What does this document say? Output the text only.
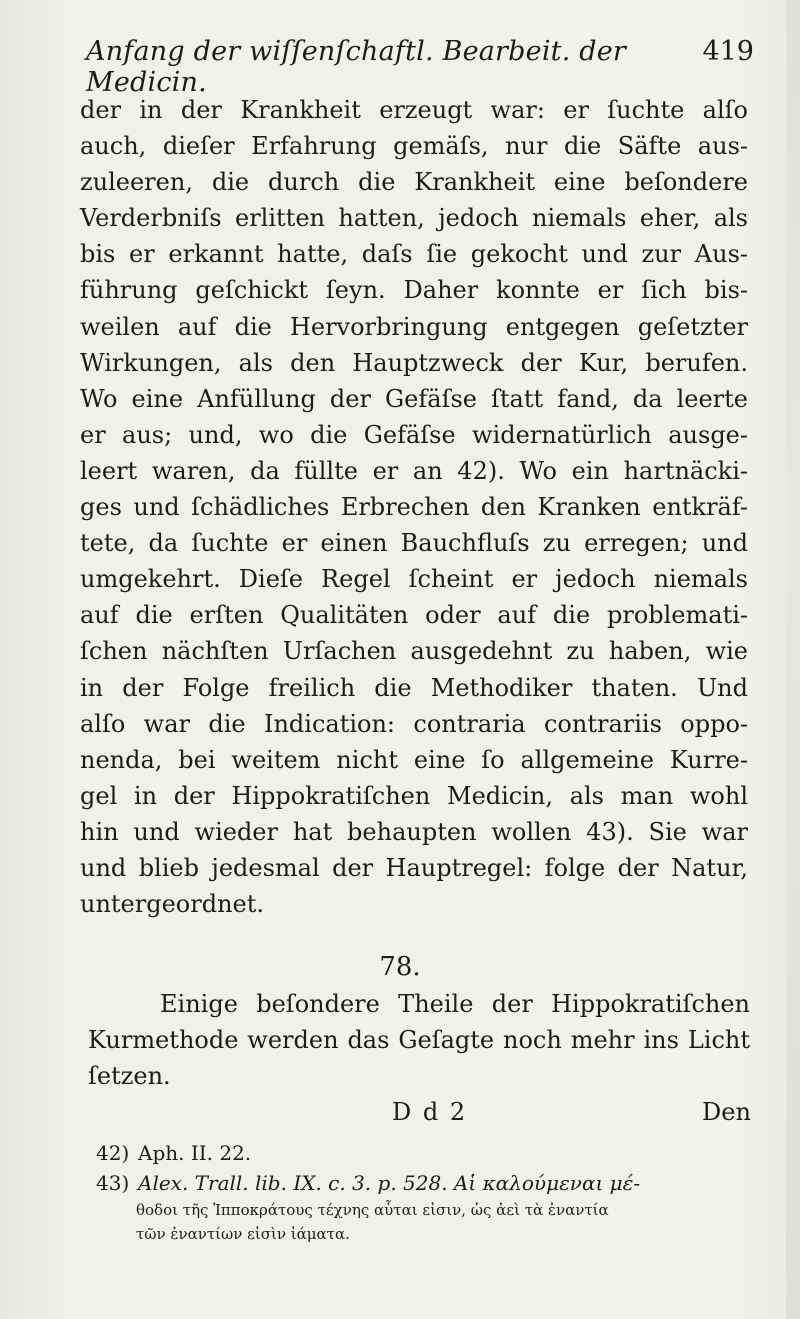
Anfang der wiſſenſchaftl. Bearbeit. der Medicin.
419
der in der Krankheit erzeugt war: er ſuchte alſo
auch, dieſer Erfahrung gemäſs, nur die Säfte aus-
zuleeren, die durch die Krankheit eine beſondere
Verderbniſs erlitten hatten, jedoch niemals eher, als
bis er erkannt hatte, daſs ſie gekocht und zur Aus-
führung geſchickt ſeyn. Daher konnte er ſich bis-
weilen auf die Hervorbringung entgegen geſetzter
Wirkungen, als den Hauptzweck der Kur, berufen.
Wo eine Anfüllung der Gefäſse ſtatt fand, da leerte
er aus; und, wo die Gefäſse widernatürlich ausge-
leert waren, da füllte er an 42). Wo ein hartnäcki-
ges und ſchädliches Erbrechen den Kranken entkräf-
tete, da ſuchte er einen Bauchfluſs zu erregen; und
umgekehrt. Dieſe Regel ſcheint er jedoch niemals
auf die erſten Qualitäten oder auf die problemati-
ſchen nächſten Urſachen ausgedehnt zu haben, wie
in der Folge freilich die Methodiker thaten. Und
alſo war die Indication: contraria contrariis oppo-
nenda, bei weitem nicht eine ſo allgemeine Kurre-
gel in der Hippokratiſchen Medicin, als man wohl
hin und wieder hat behaupten wollen 43). Sie war
und blieb jedesmal der Hauptregel: folge der Natur,
untergeordnet.
78.
Einige beſondere Theile der Hippokratiſchen
Kurmethode werden das Geſagte noch mehr ins Licht
ſetzen.
D d 2	Den
42) Aph. II. 22.
43) Alex. Trall. lib. IX. c. 3. p. 528. Αἱ καλούμεναι μέ-
θοδοι τῆς Ἱπποκράτους τέχνης αὗται εἰσιν, ὡς ἀεὶ τὰ ἐναντία
τῶν ἐναντίων εἰσὶν ἰάματα.
